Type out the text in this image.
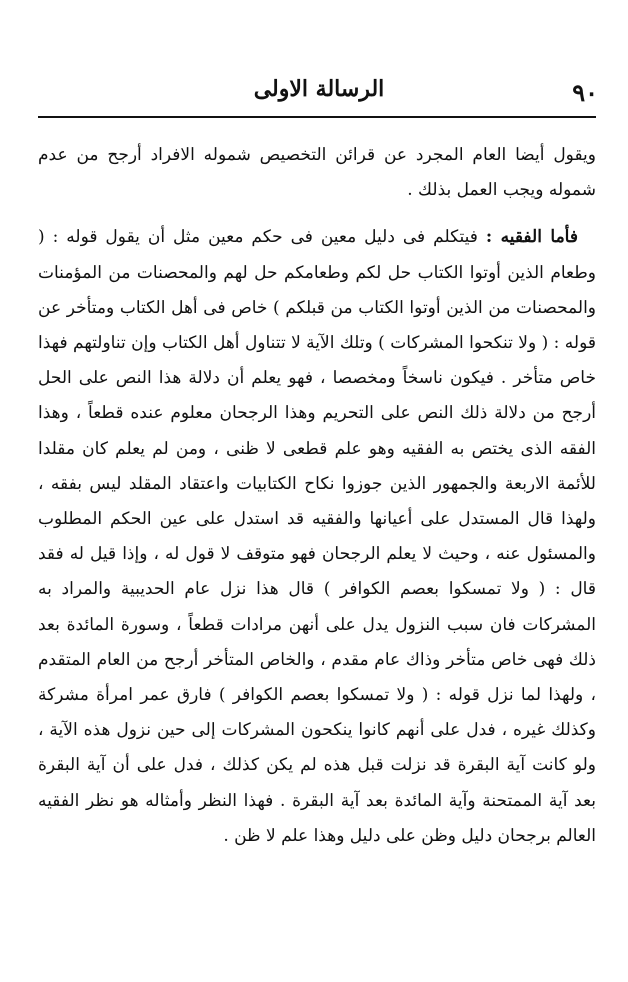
٩٠
الرسالة الاولى

ويقول أيضا العام المجرد عن قرائن التخصيص شموله الافراد أرجح من عدم شموله ويجب العمل بذلك .

فأما الفقيه : فيتكلم فى دليل معين فى حكم معين مثل أن يقول قوله : ( وطعام الذين أوتوا الكتاب حل لكم وطعامكم حل لهم والمحصنات من المؤمنات والمحصنات من الذين أوتوا الكتاب من قبلكم ) خاص فى أهل الكتاب ومتأخر عن قوله : ( ولا تنكحوا المشركات ) وتلك الآية لا تتناول أهل الكتاب وإن تناولتهم فهذا خاص متأخر . فيكون ناسخاً ومخصصا ، فهو يعلم أن دلالة هذا النص على الحل أرجح من دلالة ذلك النص على التحريم وهذا الرجحان معلوم عنده قطعاً ، وهذا الفقه الذى يختص به الفقيه وهو علم قطعى لا ظنى ، ومن لم يعلم كان مقلدا للأئمة الاربعة والجمهور الذين جوزوا نكاح الكتابيات واعتقاد المقلد ليس بفقه ، ولهذا قال المستدل على أعيانها والفقيه قد استدل على عين الحكم المطلوب والمسئول عنه ، وحيث لا يعلم الرجحان فهو متوقف لا قول له ، وإذا قيل له فقد قال : ( ولا تمسكوا بعصم الكوافر ) قال هذا نزل عام الحديبية والمراد به المشركات فان سبب النزول يدل على أنهن مرادات قطعاً ، وسورة المائدة بعد ذلك فهى خاص متأخر وذاك عام مقدم ، والخاص المتأخر أرجح من العام المتقدم ، ولهذا لما نزل قوله : ( ولا تمسكوا بعصم الكوافر ) فارق عمر امرأة مشركة وكذلك غيره ، فدل على أنهم كانوا ينكحون المشركات إلى حين نزول هذه الآية ، ولو كانت آية البقرة قد نزلت قبل هذه لم يكن كذلك ، فدل على أن آية البقرة بعد آية الممتحنة وآية المائدة بعد آية البقرة . فهذا النظر وأمثاله هو نظر الفقيه العالم برجحان دليل وظن على دليل وهذا علم لا ظن .
